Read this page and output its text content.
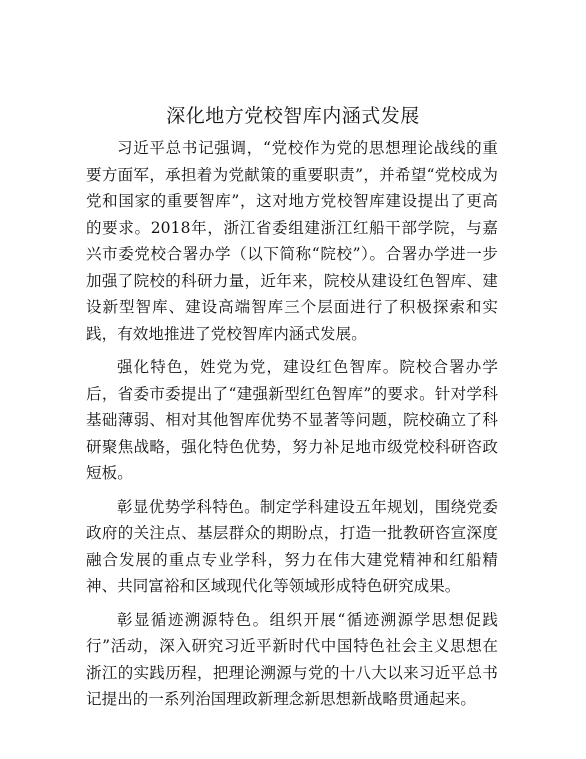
深化地方党校智库内涵式发展

习近平总书记强调，“党校作为党的思想理论战线的重要方面军，承担着为党献策的重要职责”，并希望“党校成为党和国家的重要智库”，这对地方党校智库建设提出了更高的要求。2018年，浙江省委组建浙江红船干部学院，与嘉兴市委党校合署办学（以下简称“院校”）。合署办学进一步加强了院校的科研力量，近年来，院校从建设红色智库、建设新型智库、建设高端智库三个层面进行了积极探索和实践，有效地推进了党校智库内涵式发展。

强化特色，姓党为党，建设红色智库。院校合署办学后，省委市委提出了“建强新型红色智库”的要求。针对学科基础薄弱、相对其他智库优势不显著等问题，院校确立了科研聚焦战略，强化特色优势，努力补足地市级党校科研咨政短板。

彰显优势学科特色。制定学科建设五年规划，围绕党委政府的关注点、基层群众的期盼点，打造一批教研咨宣深度融合发展的重点专业学科，努力在伟大建党精神和红船精神、共同富裕和区域现代化等领域形成特色研究成果。

彰显循迹溯源特色。组织开展“循迹溯源学思想促践行”活动，深入研究习近平新时代中国特色社会主义思想在浙江的实践历程，把理论溯源与党的十八大以来习近平总书记提出的一系列治国理政新理念新思想新战略贯通起来。
